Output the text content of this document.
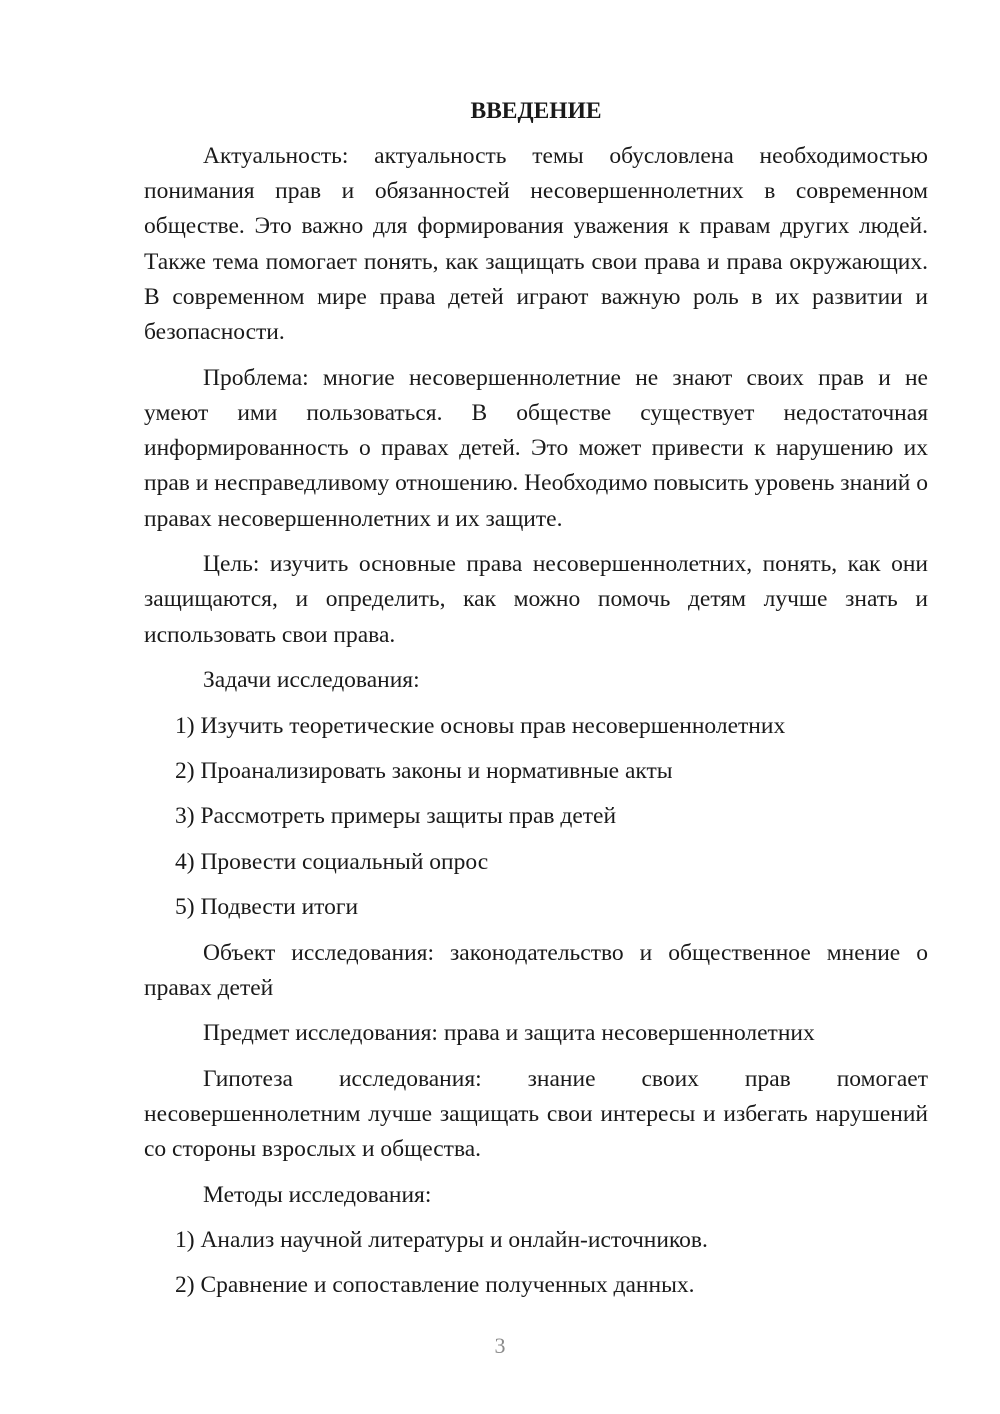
ВВЕДЕНИЕ
Актуальность: актуальность темы обусловлена необходимостью понимания прав и обязанностей несовершеннолетних в современном обществе. Это важно для формирования уважения к правам других людей. Также тема помогает понять, как защищать свои права и права окружающих. В современном мире права детей играют важную роль в их развитии и безопасности.
Проблема: многие несовершеннолетние не знают своих прав и не умеют ими пользоваться. В обществе существует недостаточная информированность о правах детей. Это может привести к нарушению их прав и несправедливому отношению. Необходимо повысить уровень знаний о правах несовершеннолетних и их защите.
Цель: изучить основные права несовершеннолетних, понять, как они защищаются, и определить, как можно помочь детям лучше знать и использовать свои права.
Задачи исследования:
1) Изучить теоретические основы прав несовершеннолетних
2) Проанализировать законы и нормативные акты
3) Рассмотреть примеры защиты прав детей
4) Провести социальный опрос
5) Подвести итоги
Объект исследования: законодательство и общественное мнение о правах детей
Предмет исследования: права и защита несовершеннолетних
Гипотеза исследования: знание своих прав помогает несовершеннолетним лучше защищать свои интересы и избегать нарушений со стороны взрослых и общества.
Методы исследования:
1) Анализ научной литературы и онлайн-источников.
2) Сравнение и сопоставление полученных данных.
3
